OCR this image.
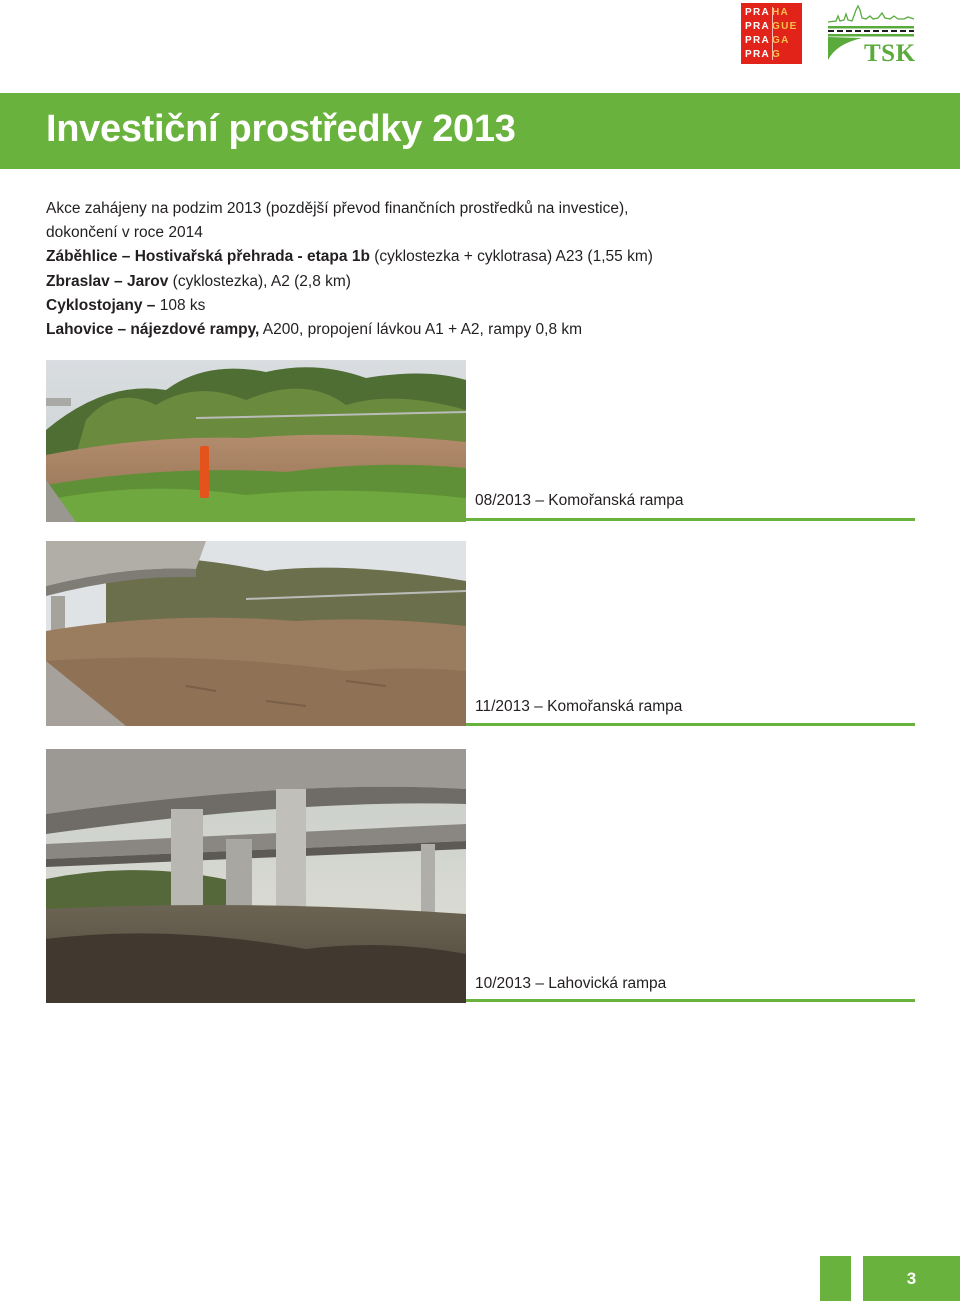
PRA HA
PRA GUE
PRA GA
PRA G	TSK
Investiční prostředky 2013

Akce zahájeny na podzim 2013 (pozdější převod finančních prostředků na investice),

dokončení v roce 2014

Záběhlice – Hostivařská přehrada - etapa 1b (cyklostezka + cyklotrasa) A23 (1,55 km)

Zbraslav – Jarov (cyklostezka), A2 (2,8 km)

Cyklostojany – 108 ks

Lahovice – nájezdové rampy, A200, propojení lávkou A1 + A2, rampy 0,8 km

08/2013 – Komořanská rampa
11/2013 – Komořanská rampa
10/2013 – Lahovická rampa
3
